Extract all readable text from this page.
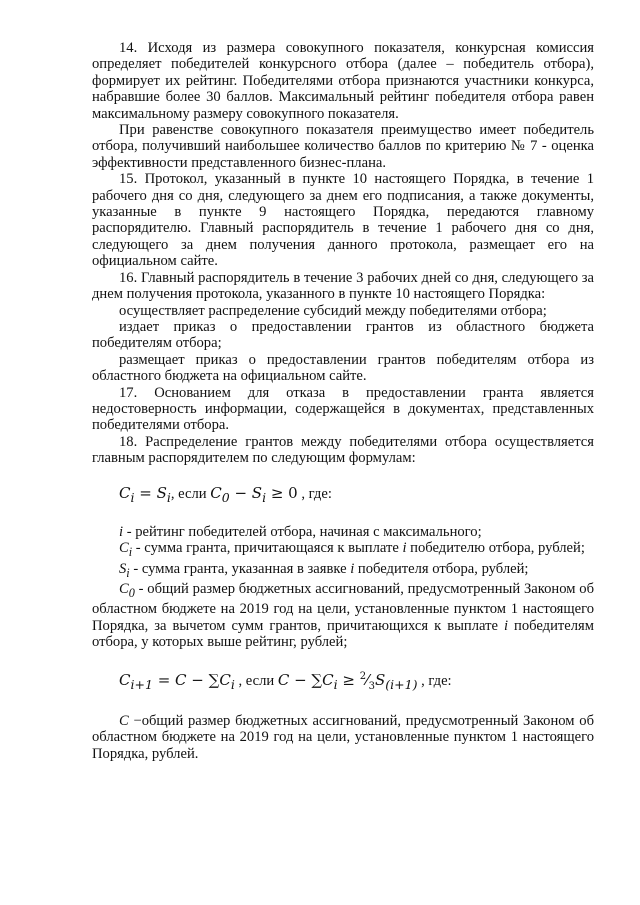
14. Исходя из размера совокупного показателя, конкурсная комиссия определяет победителей конкурсного отбора (далее – победитель отбора), формирует их рейтинг. Победителями отбора признаются участники конкурса, набравшие более 30 баллов. Максимальный рейтинг победителя отбора равен максимальному размеру совокупного показателя.

При равенстве совокупного показателя преимущество имеет победитель отбора, получивший наибольшее количество баллов по критерию № 7 - оценка эффективности представленного бизнес-плана.

15. Протокол, указанный в пункте 10 настоящего Порядка, в течение 1 рабочего дня со дня, следующего за днем его подписания, а также документы, указанные в пункте 9 настоящего Порядка, передаются главному распорядителю. Главный распорядитель в течение 1 рабочего дня со дня, следующего за днем получения данного протокола, размещает его на официальном сайте.

16. Главный распорядитель в течение 3 рабочих дней со дня, следующего за днем получения протокола, указанного в пункте 10 настоящего Порядка:

осуществляет распределение субсидий между победителями отбора;

издает приказ о предоставлении грантов из областного бюджета победителям отбора;

размещает приказ о предоставлении грантов победителям отбора из областного бюджета на официальном сайте.

17. Основанием для отказа в предоставлении гранта является недостоверность информации, содержащейся в документах, представленных победителями отбора.

18. Распределение грантов между победителями отбора осуществляется главным распорядителем по следующим формулам:

$C_i = S_i$, если $C_0 - S_i \ge 0$ , где:

i - рейтинг победителей отбора, начиная с максимального;

$C_i$ - сумма гранта, причитающаяся к выплате i победителю отбора, рублей;

$S_i$ - сумма гранта, указанная в заявке i победителя отбора, рублей;

$C_0$ - общий размер бюджетных ассигнований, предусмотренный Законом об областном бюджете на 2019 год на цели, установленные пунктом 1 настоящего Порядка, за вычетом сумм грантов, причитающихся к выплате i победителям отбора, у которых выше рейтинг, рублей;

$C_{i+1} = C - \sum C_i$ , если $C - \sum C_i$ ≥ $^2⁄_3S_{(i+1)}$ , где:

C −общий размер бюджетных ассигнований, предусмотренный Законом об областном бюджете на 2019 год на цели, установленные пунктом 1 настоящего Порядка, рублей.
